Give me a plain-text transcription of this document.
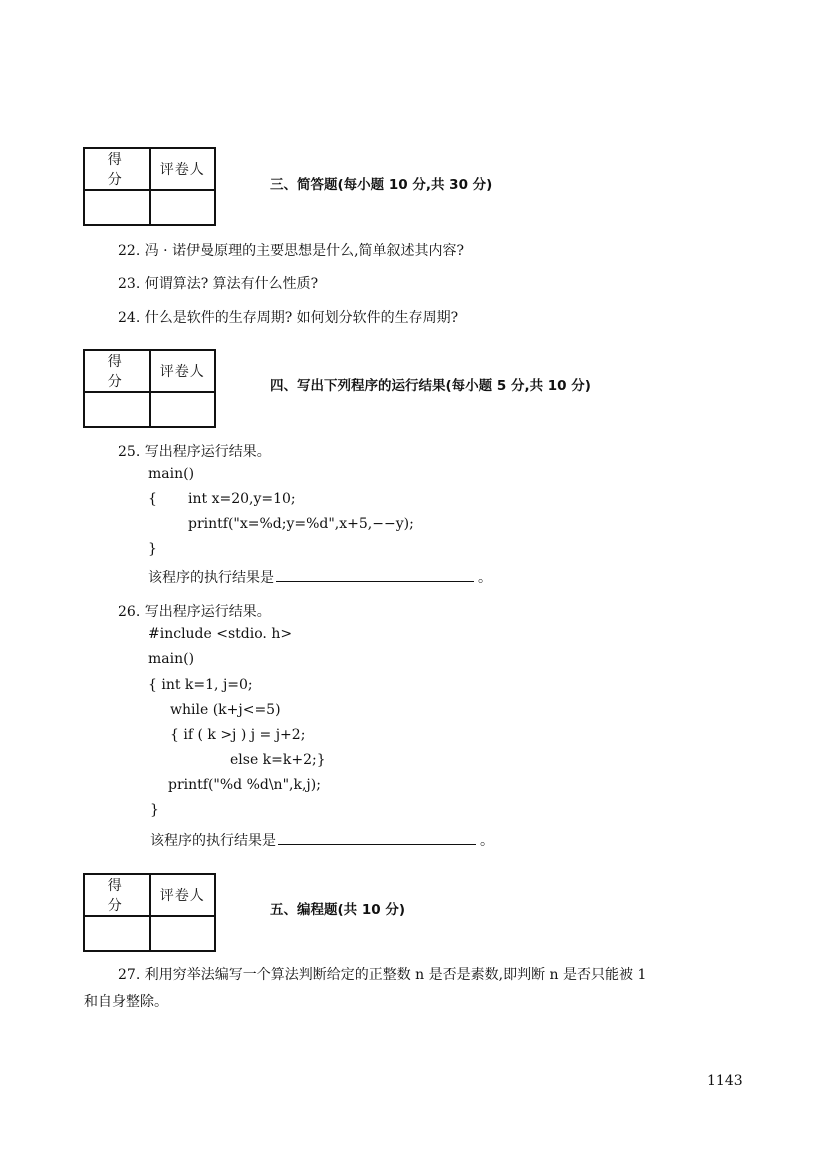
得 分	评卷人

三、简答题(每小题 10 分,共 30 分)
22. 冯 · 诺伊曼原理的主要思想是什么,简单叙述其内容?
23. 何谓算法? 算法有什么性质?
24. 什么是软件的生存周期? 如何划分软件的生存周期?
得 分	评卷人

四、写出下列程序的运行结果(每小题 5 分,共 10 分)
25. 写出程序运行结果。
main()
{ int x=20,y=10;
printf("x=%d;y=%d",x+5,−−y);
}
该程序的执行结果是	。
26. 写出程序运行结果。
#include <stdio. h>
main()
{ int k=1, j=0;
while (k+j<=5)
{ if ( k >j ) j = j+2;
else k=k+2;}
printf("%d %d\n",k,j);
}
该程序的执行结果是	。
得 分	评卷人

五、编程题(共 10 分)
27. 利用穷举法编写一个算法判断给定的正整数 n 是否是素数,即判断 n 是否只能被 1
和自身整除。
1143
